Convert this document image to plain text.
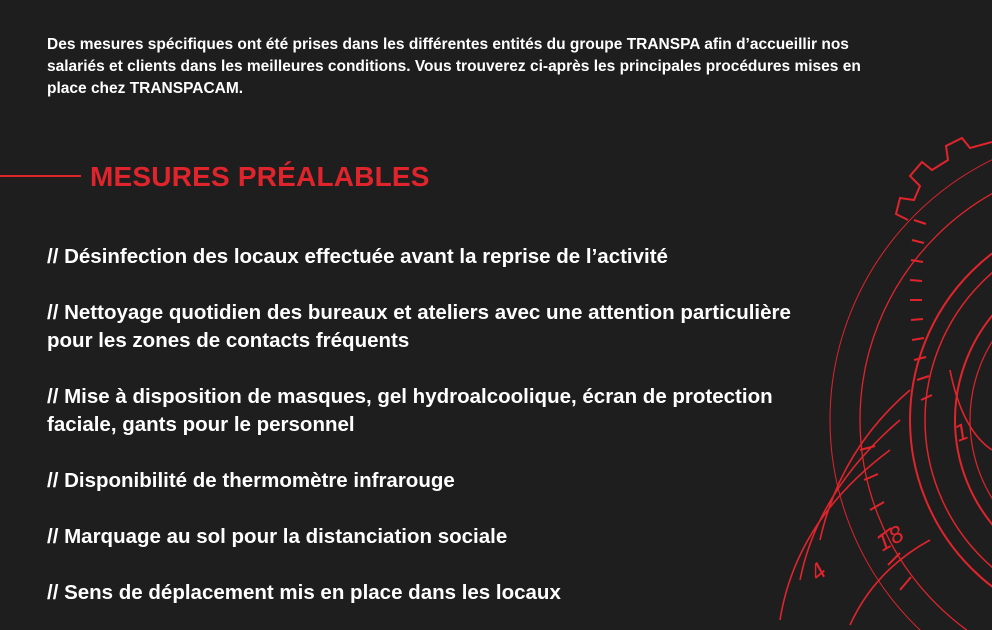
Des mesures spécifiques ont été prises dans les différentes entités du groupe TRANSPA afin d’accueillir nos salariés et clients dans les meilleures conditions. Vous trouverez ci-après les principales procédures mises en place chez TRANSPACAM.

MESURES PRÉALABLES
// Désinfection des locaux effectuée avant la reprise de l’activité
// Nettoyage quotidien des bureaux et ateliers avec une attention particulière pour les zones de contacts fréquents
// Mise à disposition de masques, gel hydroalcoolique, écran de protection faciale, gants pour le personnel
// Disponibilité de thermomètre infrarouge
// Marquage au sol pour la distanciation sociale
// Sens de déplacement mis en place dans les locaux
1
18
4
